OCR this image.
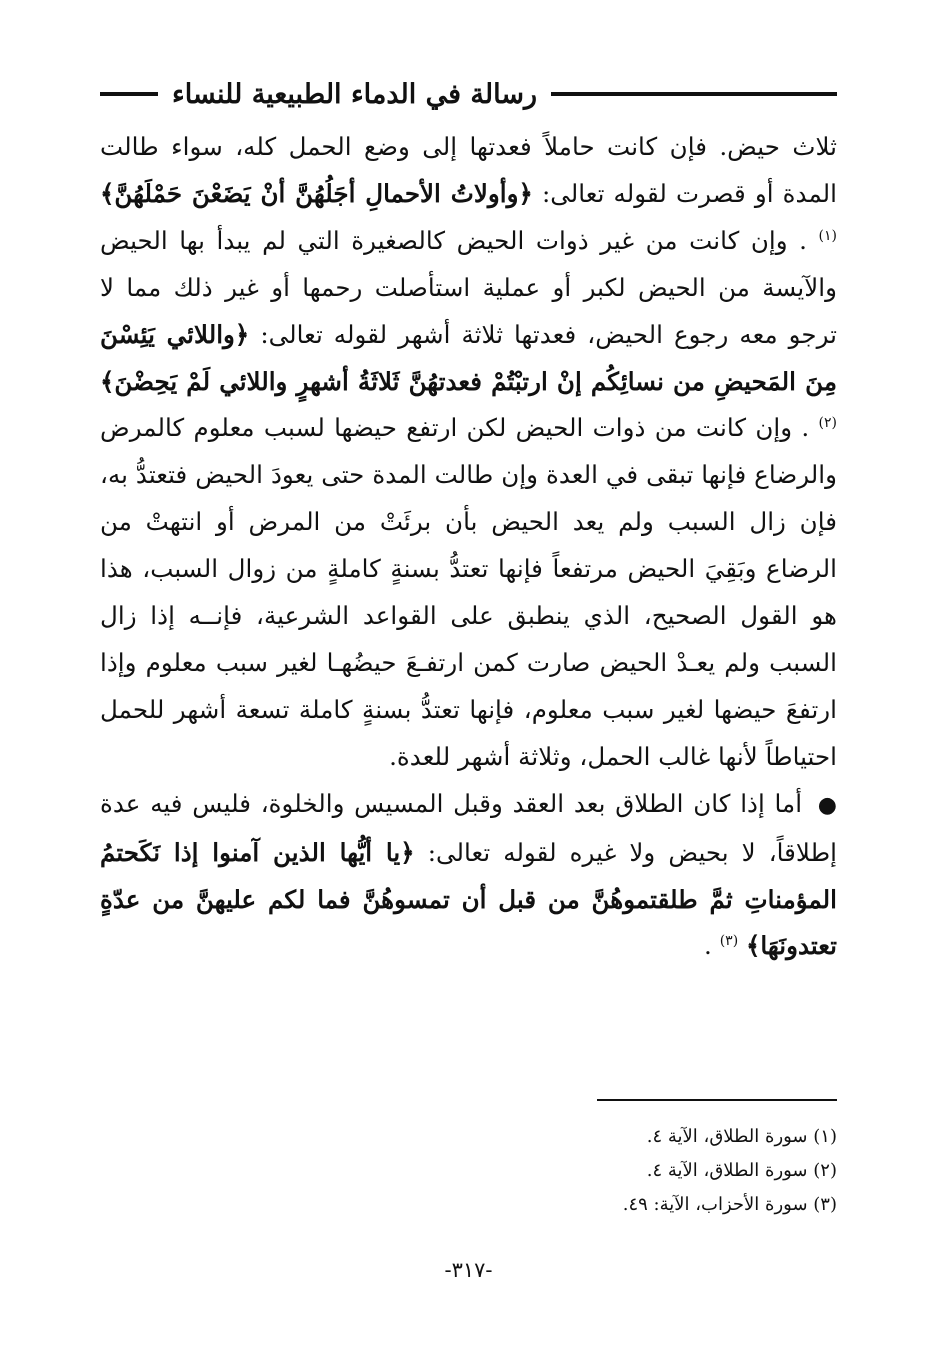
رسالة في الدماء الطبيعية للنساء

ثلاث حيض. فإن كانت حاملاً فعدتها إلى وضع الحمل كله، سواء طالت المدة أو قصرت لقوله تعالى: ﴿وأولاتُ الأحمالِ أجَلُهُنَّ أنْ يَضَعْنَ حَمْلَهُنَّ﴾ $^{(١)}$ . وإن كانت من غير ذوات الحيض كالصغيرة التي لم يبدأ بها الحيض والآيسة من الحيض لكبر أو عملية استأصلت رحمها أو غير ذلك مما لا ترجو معه رجوع الحيض، فعدتها ثلاثة أشهر لقوله تعالى: ﴿واللائي يَئِسْنَ مِنَ المَحيضِ من نسائِكُم إنْ ارتبْتُمْ فعدتهُنَّ ثَلاثَةُ أشهرٍ واللائي لَمْ يَحِضْنَ﴾ $^{(٢)}$ . وإن كانت من ذوات الحيض لكن ارتفع حيضها لسبب معلوم كالمرض والرضاع فإنها تبقى في العدة وإن طالت المدة حتى يعودَ الحيض فتعتدُّ به، فإن زال السبب ولم يعد الحيض بأن برئَتْ من المرض أو انتهتْ من الرضاع وبَقِيَ الحيض مرتفعاً فإنها تعتدُّ بسنةٍ كاملةٍ من زوال السبب، هذا هو القول الصحيح، الذي ينطبق على القواعد الشرعية، فإنــه إذا زال السبب ولم يعـدْ الحيض صارت كمن ارتفـعَ حيضُهـا لغير سبب معلوم وإذا ارتفعَ حيضها لغير سبب معلوم، فإنها تعتدُّ بسنةٍ كاملة تسعة أشهر للحمل احتياطاً لأنها غالب الحمل، وثلاثة أشهر للعدة.

● أما إذا كان الطلاق بعد العقد وقبل المسيس والخلوة، فليس فيه عدة إطلاقاً، لا بحيض ولا غيره لقوله تعالى: ﴿يا أيُّها الذين آمنوا إذا نَكَحتمُ المؤمناتِ ثمَّ طلقتموهُنَّ من قبل أن تمسوهُنَّ فما لكم عليهنَّ من عدّةٍ تعتدونَهَا﴾ $^{(٣)}$ .

(١) سورة الطلاق، الآية ٤.
(٢) سورة الطلاق، الآية ٤.
(٣) سورة الأحزاب، الآية: ٤٩.
-٣١٧-
